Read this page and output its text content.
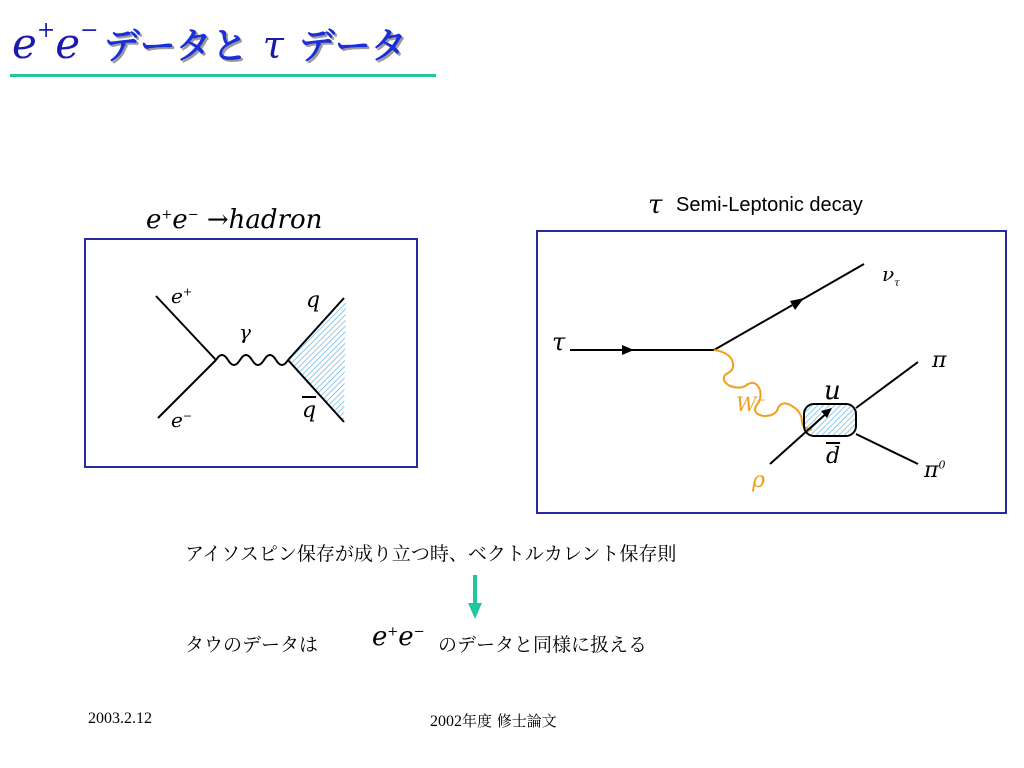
e+e− データと τ データ
e+e− →hadron
e+
e−
γ
q
$\overline{q}$
τ Semi-Leptonic decay
τ
$\nu_\tau$
π
u
W−
$\overline{d}$
ρ	$\pi^0$
アイソスピン保存が成り立つ時、ベクトルカレント保存則
タウのデータは e+e−
のデータと同様に扱える
2003.2.12	2002年度 修士論文
